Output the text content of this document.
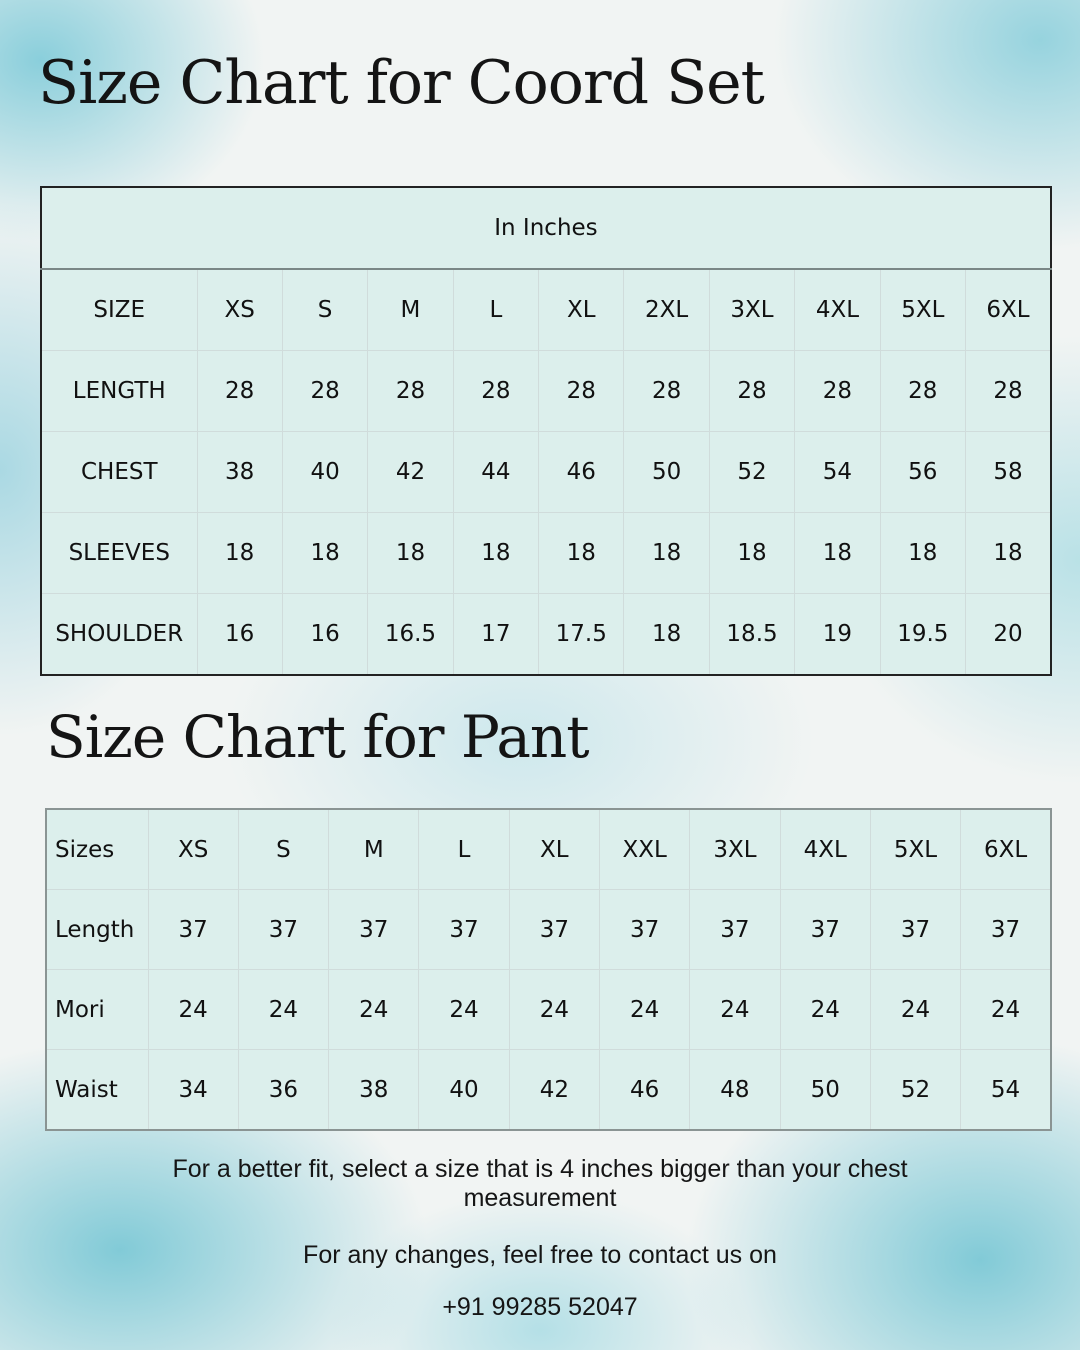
Size Chart for Coord Set
In Inches										
SIZE	XS	S	M	L	XL	2XL	3XL	4XL	5XL	6XL
LENGTH	28	28	28	28	28	28	28	28	28	28
CHEST	38	40	42	44	46	50	52	54	56	58
SLEEVES	18	18	18	18	18	18	18	18	18	18
SHOULDER	16	16	16.5	17	17.5	18	18.5	19	19.5	20
Size Chart for Pant
Sizes	XS	S	M	L	XL	XXL	3XL	4XL	5XL	6XL
Length	37	37	37	37	37	37	37	37	37	37
Mori	24	24	24	24	24	24	24	24	24	24
Waist	34	36	38	40	42	46	48	50	52	54

For a better fit, select a size that is 4 inches bigger than your chest measurement

For any changes, feel free to contact us on

+91 99285 52047
